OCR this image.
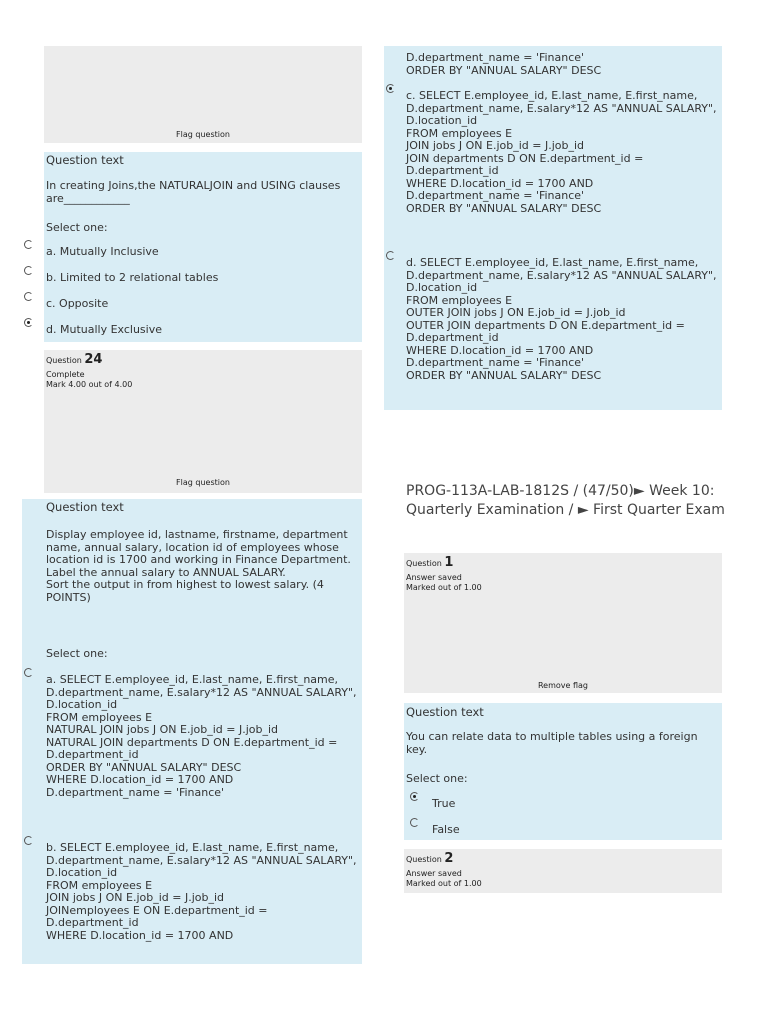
Flag question
Question text
In creating Joins,the NATURALJOIN and USING clauses are____________
Select one:
a. Mutually Inclusive
b. Limited to 2 relational tables
c. Opposite
d. Mutually Exclusive
Question 24
Complete
Mark 4.00 out of 4.00
Flag question
Question text
Display employee id, lastname, firstname, department name, annual salary, location id of employees whose location id is 1700 and working in Finance Department. Label the annual salary to ANNUAL SALARY.
Sort the output in from highest to lowest salary. (4 POINTS)
Select one:
a. SELECT E.employee_id, E.last_name, E.first_name, D.department_name, E.salary*12 AS "ANNUAL SALARY", D.location_id
FROM employees E
NATURAL JOIN jobs J ON E.job_id = J.job_id
NATURAL JOIN departments D ON E.department_id = D.department_id
ORDER BY "ANNUAL SALARY" DESC
WHERE D.location_id = 1700 AND
D.department_name = 'Finance'
b. SELECT E.employee_id, E.last_name, E.first_name, D.department_name, E.salary*12 AS "ANNUAL SALARY", D.location_id
FROM employees E
JOIN jobs J ON E.job_id = J.job_id
JOINemployees E ON E.department_id = D.department_id
WHERE D.location_id = 1700 AND
D.department_name = 'Finance'
ORDER BY "ANNUAL SALARY" DESC
c. SELECT E.employee_id, E.last_name, E.first_name, D.department_name, E.salary*12 AS "ANNUAL SALARY", D.location_id
FROM employees E
JOIN jobs J ON E.job_id = J.job_id
JOIN departments D ON E.department_id = D.department_id
WHERE D.location_id = 1700 AND
D.department_name = 'Finance'
ORDER BY "ANNUAL SALARY" DESC
d. SELECT E.employee_id, E.last_name, E.first_name, D.department_name, E.salary*12 AS "ANNUAL SALARY", D.location_id
FROM employees E
OUTER JOIN jobs J ON E.job_id = J.job_id
OUTER JOIN departments D ON E.department_id = D.department_id
WHERE D.location_id = 1700 AND
D.department_name = 'Finance'
ORDER BY "ANNUAL SALARY" DESC
PROG-113A-LAB-1812S / (47/50)► Week 10: Quarterly Examination / ► First Quarter Exam
Question 1
Answer saved
Marked out of 1.00
Remove flag
Question text
You can relate data to multiple tables using a foreign key.
Select one:
True
False
Question 2
Answer saved
Marked out of 1.00
